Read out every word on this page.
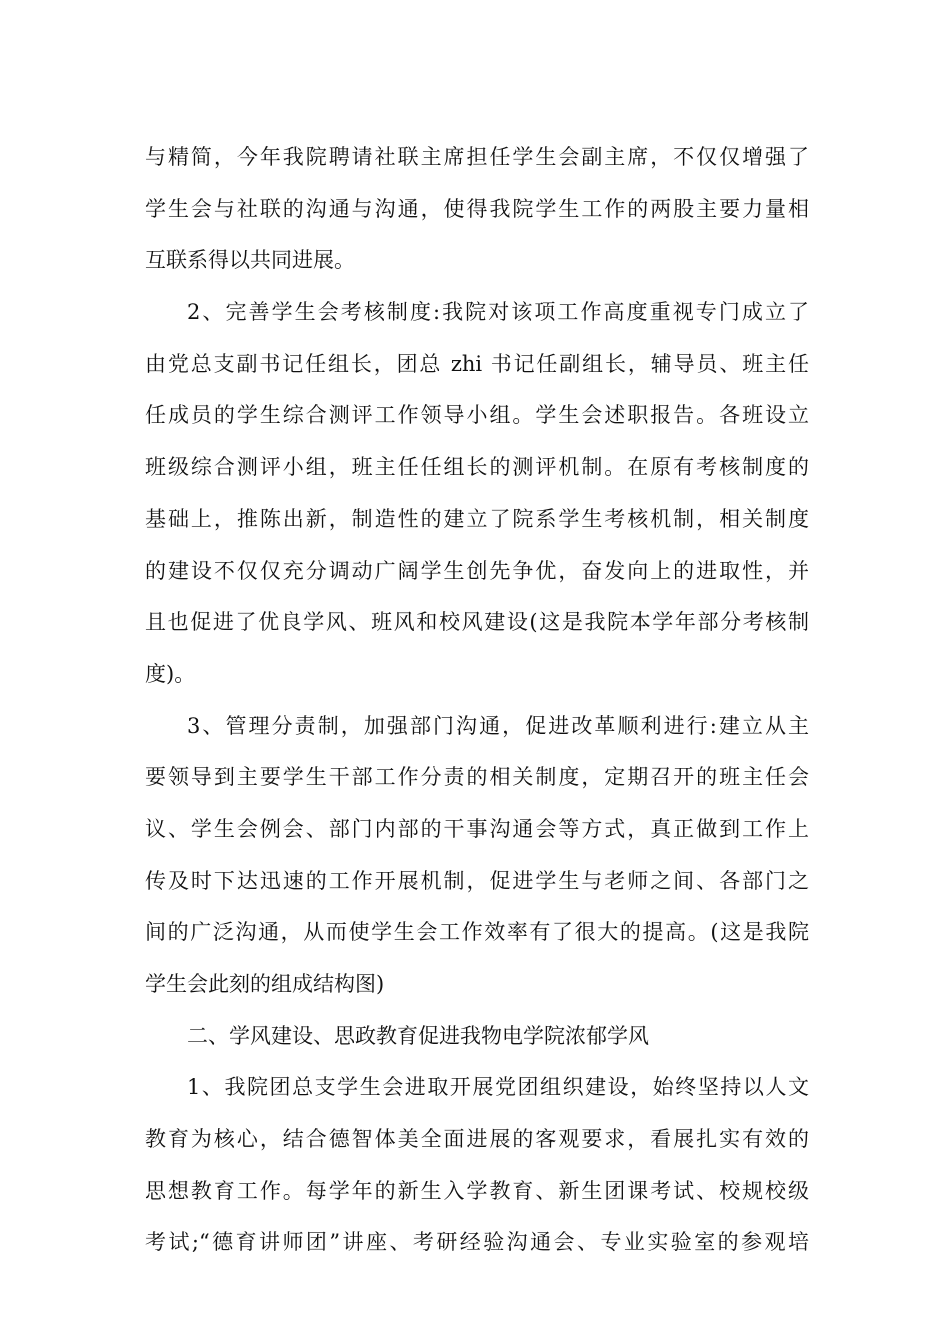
与精简，今年我院聘请社联主席担任学生会副主席，不仅仅增强了
学生会与社联的沟通与沟通，使得我院学生工作的两股主要力量相
互联系得以共同进展。
2、完善学生会考核制度:我院对该项工作高度重视专门成立了
由党总支副书记任组长，团总 zhi 书记任副组长，辅导员、班主任
任成员的学生综合测评工作领导小组。学生会述职报告。各班设立
班级综合测评小组，班主任任组长的测评机制。在原有考核制度的
基础上，推陈出新，制造性的建立了院系学生考核机制，相关制度
的建设不仅仅充分调动广阔学生创先争优，奋发向上的进取性，并
且也促进了优良学风、班风和校风建设(这是我院本学年部分考核制
度)。
3、管理分责制，加强部门沟通，促进改革顺利进行:建立从主
要领导到主要学生干部工作分责的相关制度，定期召开的班主任会
议、学生会例会、部门内部的干事沟通会等方式，真正做到工作上
传及时下达迅速的工作开展机制，促进学生与老师之间、各部门之
间的广泛沟通，从而使学生会工作效率有了很大的提高。(这是我院
学生会此刻的组成结构图)
二、学风建设、思政教育促进我物电学院浓郁学风
1、我院团总支学生会进取开展党团组织建设，始终坚持以人文
教育为核心，结合德智体美全面进展的客观要求，看展扎实有效的
思想教育工作。每学年的新生入学教育、新生团课考试、校规校级
考试;“德育讲师团”讲座、考研经验沟通会、专业实验室的参观培
